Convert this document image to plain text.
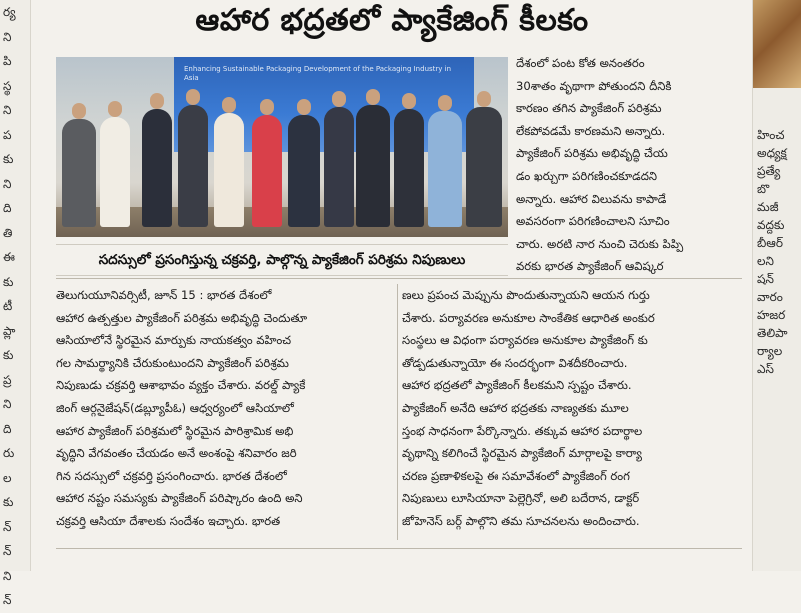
ర్య
ని
పి
స్థ
ని
ప
కు
ని
ది
తి
ఈ
కు
టీ
ప్లా
కు
ప్ర
ని
ది
రు
ల
కు
న్
న్
ని
న్
హించ
అధ్యక్ష
ప్రత్యే
బొ
మజీ
వద్దకు
బీఆర్
లని
షన్
వారం
హజర
తెలిపా
ర్యాల
ఎస్
ఆహార భద్రతలో ప్యాకేజింగ్ కీలకం
Enhancing Sustainable Packaging Development of the Packaging Industry in Asia
సదస్సులో ప్రసంగిస్తున్న చక్రవర్తి, పాల్గొన్న ప్యాకేజింగ్ పరిశ్రమ నిపుణులు
దేశంలో పంట కోత అనంతరం
30శాతం వృథాగా పోతుందని దీనికి
కారణం తగిన ప్యాకేజింగ్ పరిశ్రమ
లేకపోవడమే కారణమని అన్నారు.
ప్యాకేజింగ్ పరిశ్రమ అభివృద్ధి చేయ
డం ఖర్చుగా పరిగణించకూడదని
అన్నారు. ఆహార విలువను కాపాడే
అవసరంగా పరిగణించాలని సూచిం
చారు. అరటి నార నుంచి చెరుకు పిప్పి
వరకు భారత ప్యాకేజింగ్ ఆవిష్కర
తెలుగుయూనివర్సిటీ, జూన్ 15 : భారత దేశంలో
ఆహార ఉత్పత్తుల ప్యాకేజింగ్ పరిశ్రమ అభివృద్ధి చెందుతూ
ఆసియాలోనే స్థిరమైన మార్పుకు నాయకత్వం వహించ
గల సామర్థ్యానికి చేరుకుంటుందని ప్యాకేజింగ్ పరిశ్రమ
నిపుణుడు చక్రవర్తి ఆశాభావం వ్యక్తం చేశారు. వరల్డ్ ప్యాకే
జింగ్ ఆర్గనైజేషన్(డబ్ల్యూపీఓ) ఆధ్వర్యంలో ఆసియాలో
ఆహార ప్యాకేజింగ్ పరిశ్రమలో స్థిరమైన పారిశ్రామిక అభి
వృద్ధిని వేగవంతం చేయడం అనే అంశంపై శనివారం జరి
గిన సదస్సులో చక్రవర్తి ప్రసంగించారు. భారత దేశంలో
ఆహార నష్టం సమస్యకు ప్యాకేజింగ్ పరిష్కారం ఉంది అని
చక్రవర్తి ఆసియా దేశాలకు సందేశం ఇచ్చారు. భారత
ణలు ప్రపంచ మెప్పును పొందుతున్నాయని ఆయన గుర్తు
చేశారు. పర్యావరణ అనుకూల సాంకేతిక ఆధారిత అంకుర
సంస్థలు ఆ విధంగా పర్యావరణ అనుకూల ప్యాకేజింగ్ కు
తోడ్పడుతున్నాయో ఈ సందర్భంగా విశదీకరించారు.
ఆహార భద్రతలో ప్యాకేజింగ్ కీలకమని స్పష్టం చేశారు.
ప్యాకేజింగ్ అనేది ఆహార భద్రతకు నాణ్యతకు మూల
స్తంభ సాధనంగా పేర్కొన్నారు. తక్కువ ఆహార పదార్థాల
వృథాన్ని కలిగించే స్థిరమైన ప్యాకేజింగ్ మార్గాలపై కార్యా
చరణ ప్రణాళికలపై ఈ సమావేశంలో ప్యాకేజింగ్ రంగ
నిపుణులు లూసియానా పెల్లెగ్రినో, అలి బదేరాన, డాక్టర్
జోహెనెస్ బర్గ్ పాల్గొని తమ సూచనలను అందించారు.
